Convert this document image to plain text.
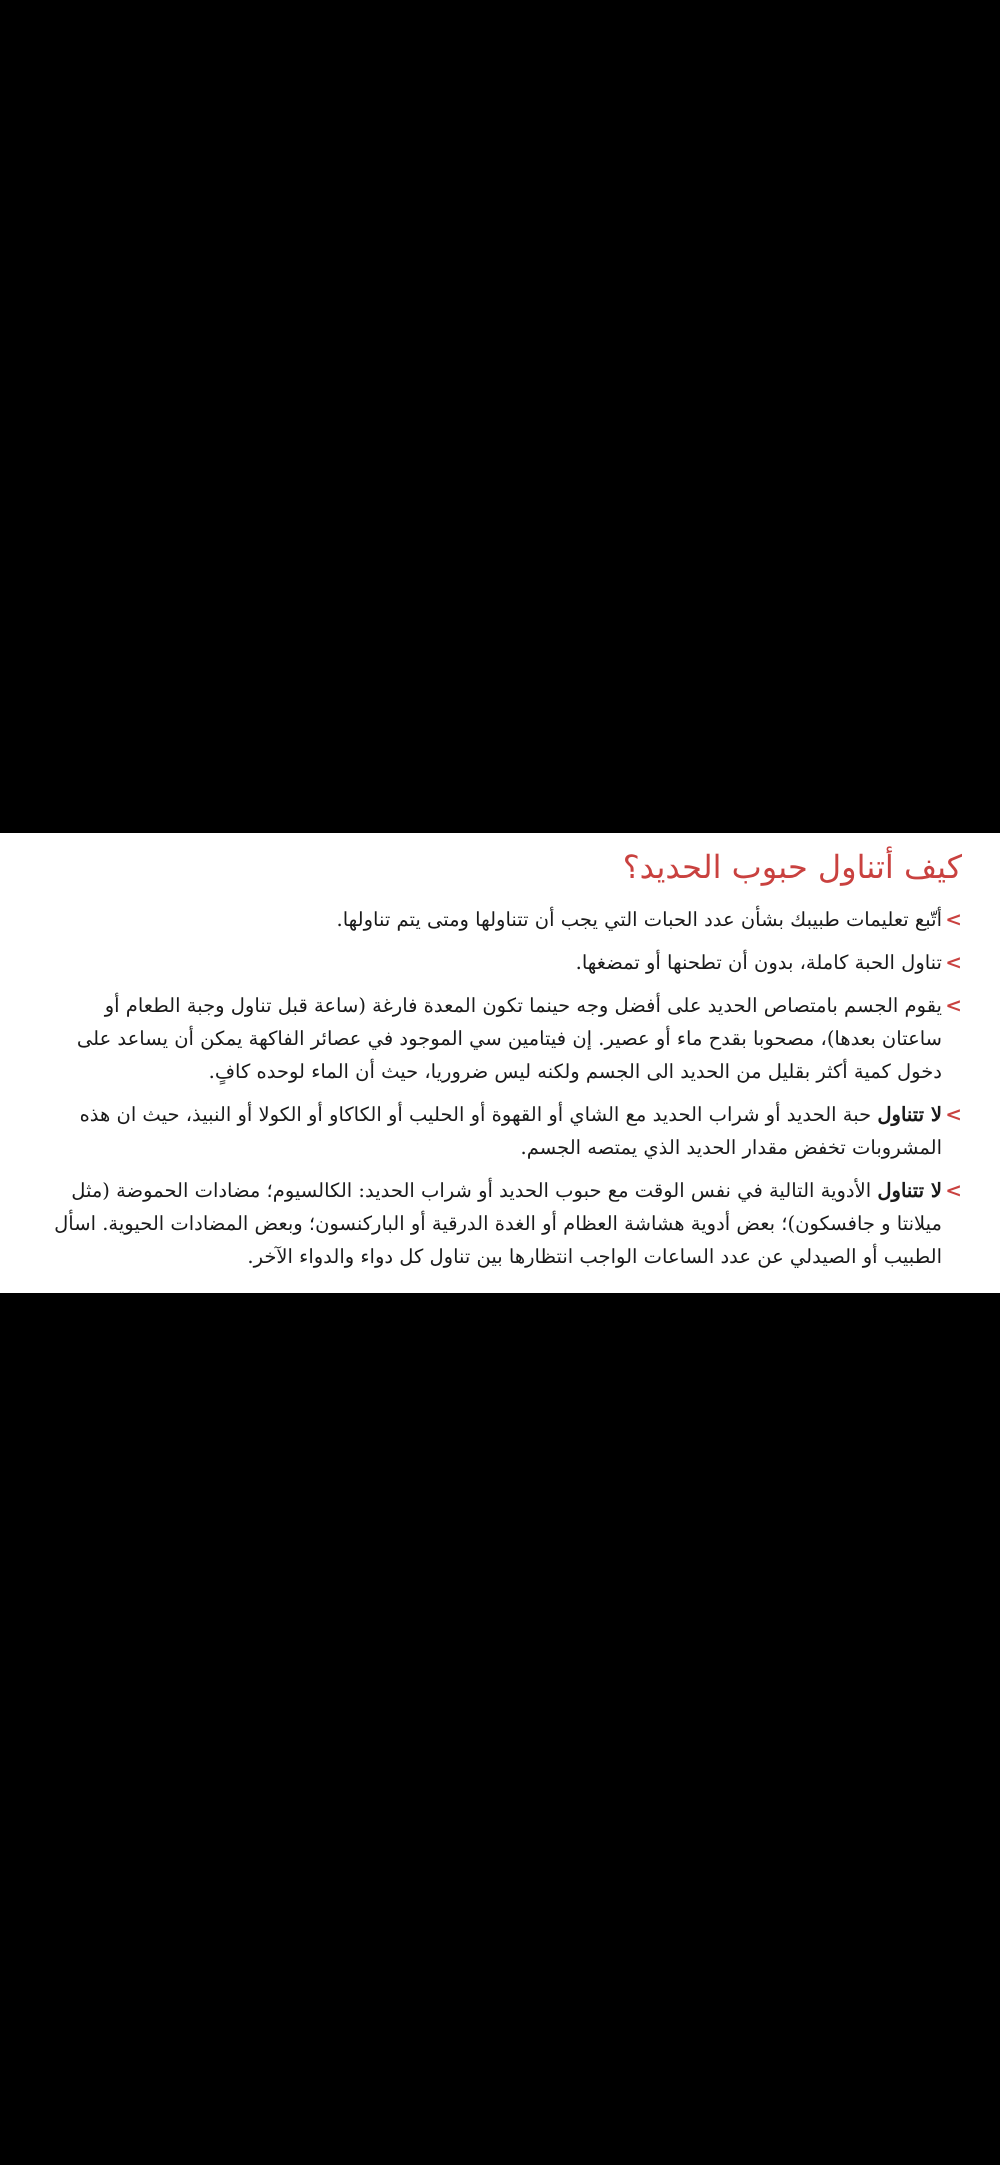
كيف أتناول حبوب الحديد؟
>
أتّبع تعليمات طبيبك بشأن عدد الحبات التي يجب أن تتناولها ومتى يتم تناولها.
>
تناول الحبة كاملة، بدون أن تطحنها أو تمضغها.
>
يقوم الجسم بامتصاص الحديد على أفضل وجه حينما تكون المعدة فارغة (ساعة قبل تناول وجبة الطعام أو ساعتان بعدها)، مصحوبا بقدح ماء أو عصير. إن فيتامين سي الموجود في عصائر الفاكهة يمكن أن يساعد على دخول كمية أكثر بقليل من الحديد الى الجسم ولكنه ليس ضروريا، حيث أن الماء لوحده كافٍ.
>
لا تتناول حبة الحديد أو شراب الحديد مع الشاي أو القهوة أو الحليب أو الكاكاو أو الكولا أو النبيذ، حيث ان هذه المشروبات تخفض مقدار الحديد الذي يمتصه الجسم.
>
لا تتناول الأدوية التالية في نفس الوقت مع حبوب الحديد أو شراب الحديد: الكالسيوم؛ مضادات الحموضة (مثل ميلانتا و جافسكون)؛ بعض أدوية هشاشة العظام أو الغدة الدرقية أو الباركنسون؛ وبعض المضادات الحيوية. اسأل الطبيب أو الصيدلي عن عدد الساعات الواجب انتظارها بين تناول كل دواء والدواء الآخر.
